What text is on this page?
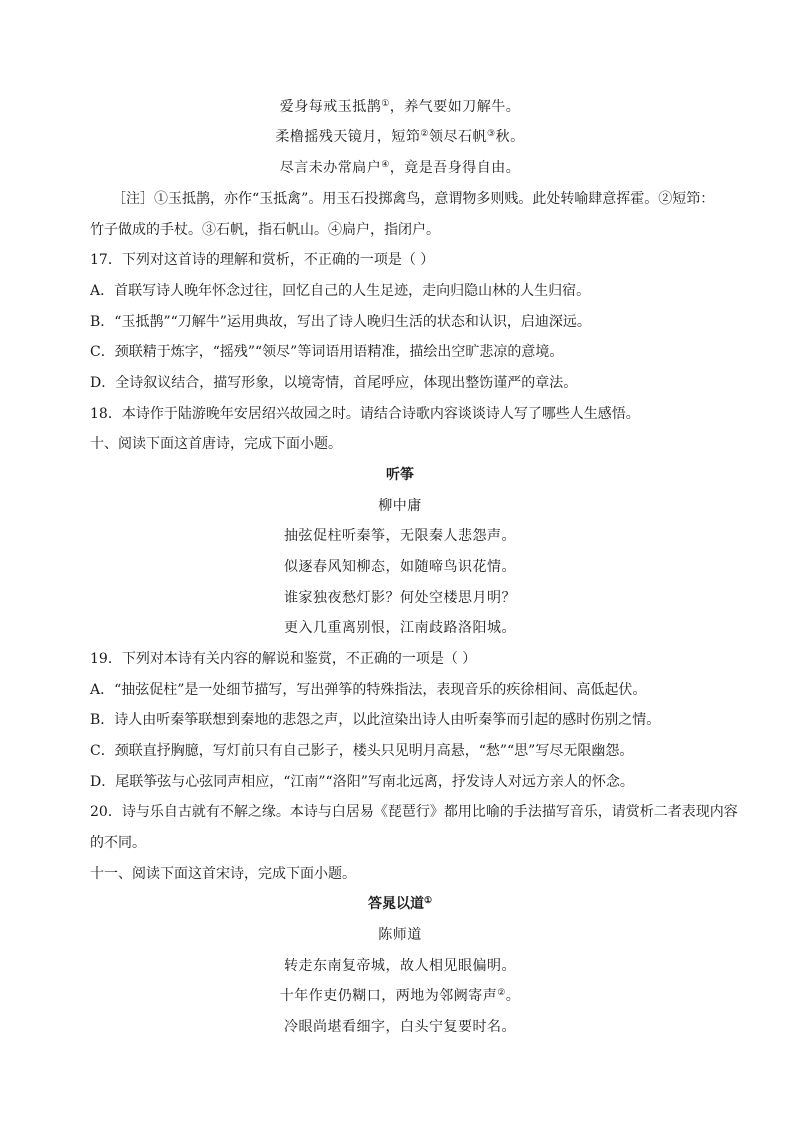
爱身每戒玉抵鹊①，养气要如刀解牛。
柔橹摇残天镜月，短笻②领尽石帆③秋。
尽言未办常扃户④，竟是吾身得自由。
［注］①玉抵鹊，亦作“玉抵禽”。用玉石投掷禽鸟，意谓物多则贱。此处转喻肆意挥霍。②短笻：
竹子做成的手杖。③石帆，指石帆山。④扃户，指闭户。
17．下列对这首诗的理解和赏析，不正确的一项是（ ）
A．首联写诗人晚年怀念过往，回忆自己的人生足迹，走向归隐山林的人生归宿。
B．“玉抵鹊”“刀解牛”运用典故，写出了诗人晚归生活的状态和认识，启迪深远。
C．颈联精于炼字，“摇残”“领尽”等词语用语精准，描绘出空旷悲凉的意境。
D．全诗叙议结合，描写形象，以境寄情，首尾呼应，体现出整饬谨严的章法。
18．本诗作于陆游晚年安居绍兴故园之时。请结合诗歌内容谈谈诗人写了哪些人生感悟。
十、阅读下面这首唐诗，完成下面小题。
听筝
柳中庸
抽弦促柱听秦筝，无限秦人悲怨声。
似逐春风知柳态，如随啼鸟识花情。
谁家独夜愁灯影？何处空楼思月明？
更入几重离别恨，江南歧路洛阳城。
19．下列对本诗有关内容的解说和鉴赏，不正确的一项是（ ）
A．“抽弦促柱”是一处细节描写，写出弹筝的特殊指法，表现音乐的疾徐相间、高低起伏。
B．诗人由听秦筝联想到秦地的悲怨之声，以此渲染出诗人由听秦筝而引起的感时伤别之情。
C．颈联直抒胸臆，写灯前只有自己影子，楼头只见明月高悬，“愁”“思”写尽无限幽怨。
D．尾联筝弦与心弦同声相应，“江南”“洛阳”写南北远离，抒发诗人对远方亲人的怀念。
20．诗与乐自古就有不解之缘。本诗与白居易《琵琶行》都用比喻的手法描写音乐，请赏析二者表现内容
的不同。
十一、阅读下面这首宋诗，完成下面小题。
答晁以道①
陈师道
转走东南复帝城，故人相见眼偏明。
十年作吏仍糊口，两地为邻阙寄声②。
冷眼尚堪看细字，白头宁复要时名。
